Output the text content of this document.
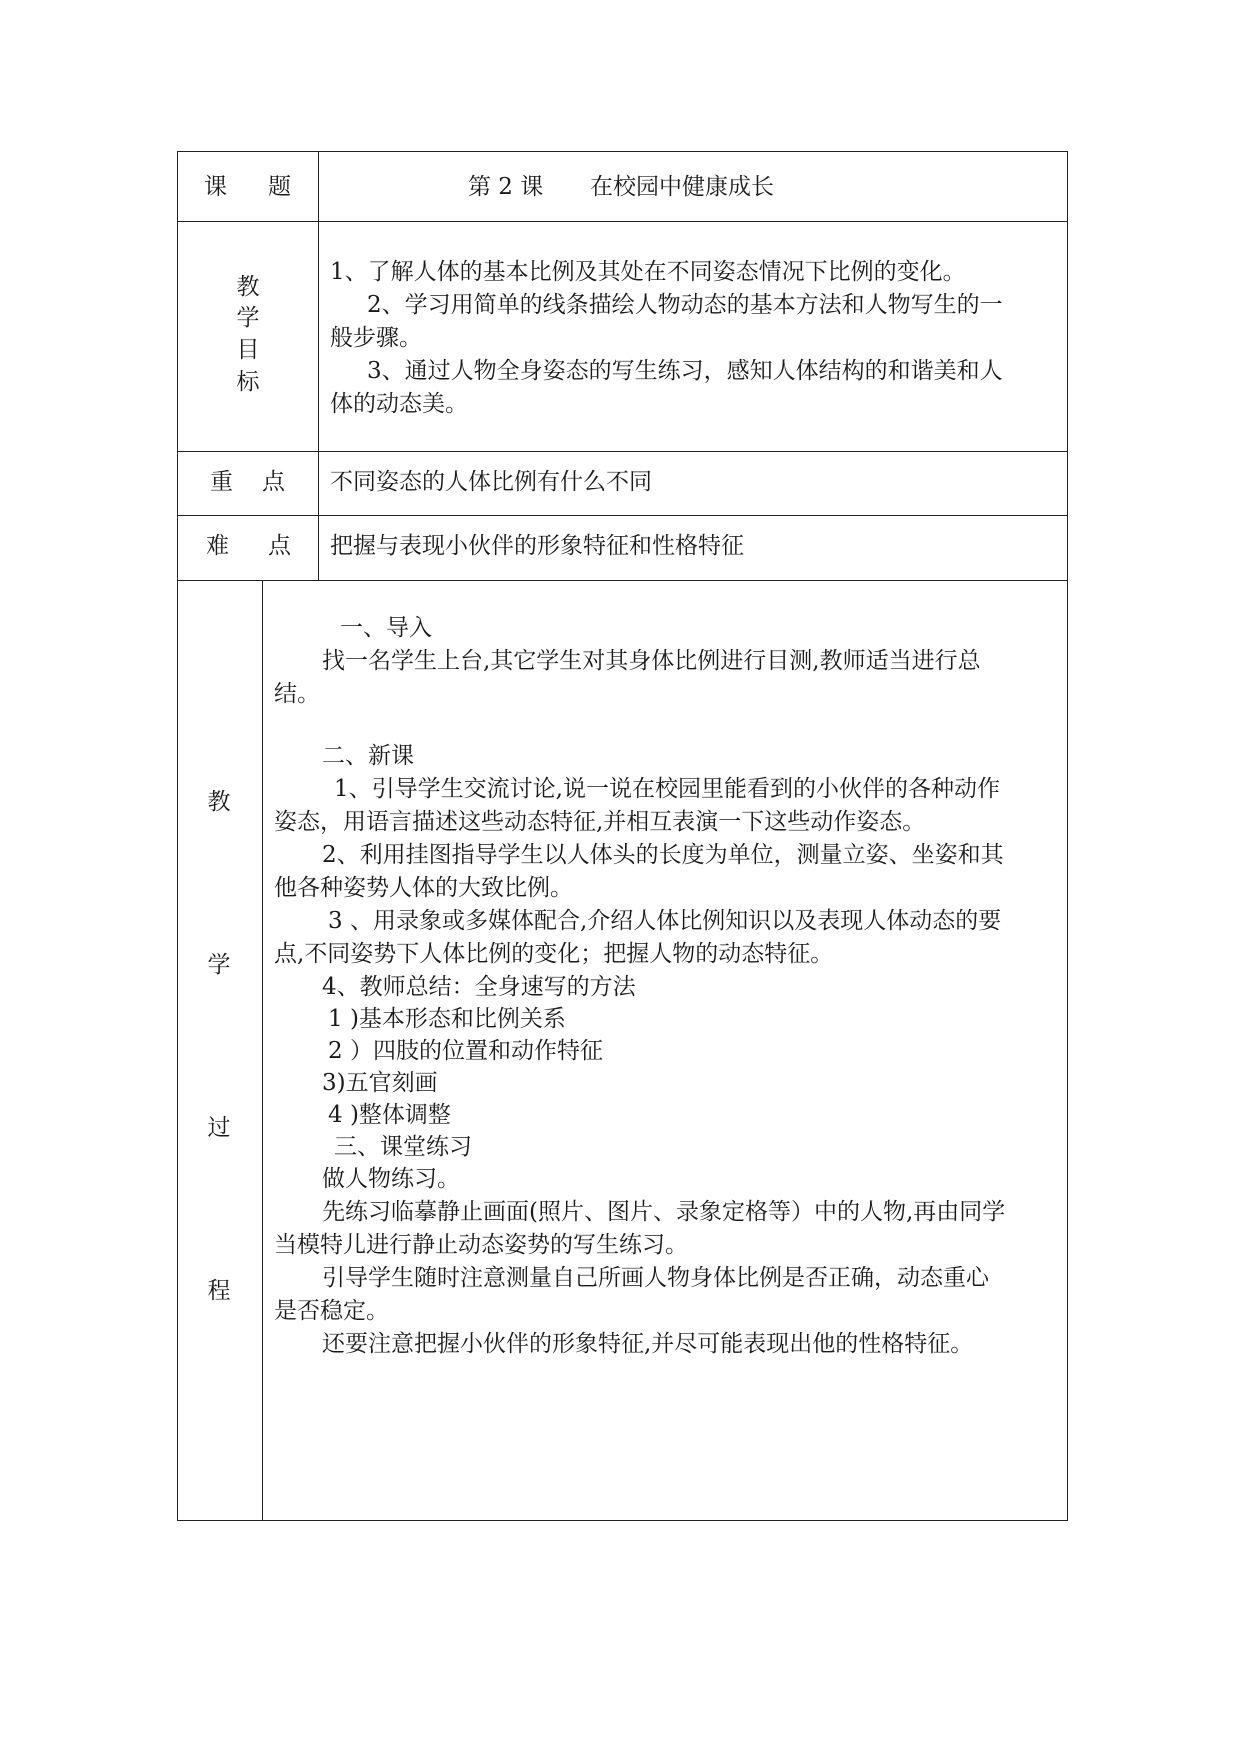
课 题	第 2 课 在校园中健康成长
教
学
目
标
1、了解人体的基本比例及其处在不同姿态情况下比例的变化。
2、学习用简单的线条描绘人物动态的基本方法和人物写生的一
般步骤。
3、通过人物全身姿态的写生练习，感知人体结构的和谐美和人
体的动态美。
重 点 不同姿态的人体比例有什么不同
难 点 把握与表现小伙伴的形象特征和性格特征
教
学
过
程
一、导入
找一名学生上台,其它学生对其身体比例进行目测,教师适当进行总
结。
二、新课
1、引导学生交流讨论,说一说在校园里能看到的小伙伴的各种动作
姿态，用语言描述这些动态特征,并相互表演一下这些动作姿态。
2、利用挂图指导学生以人体头的长度为单位，测量立姿、坐姿和其
他各种姿势人体的大致比例。
3 、用录象或多媒体配合,介绍人体比例知识以及表现人体动态的要
点,不同姿势下人体比例的变化；把握人物的动态特征。
4、教师总结：全身速写的方法
1 )基本形态和比例关系
2 ）四肢的位置和动作特征
3)五官刻画
4 )整体调整
三、课堂练习
做人物练习。
先练习临摹静止画面(照片、图片、录象定格等）中的人物,再由同学
当模特儿进行静止动态姿势的写生练习。
引导学生随时注意测量自己所画人物身体比例是否正确，动态重心
是否稳定。
还要注意把握小伙伴的形象特征,并尽可能表现出他的性格特征。
